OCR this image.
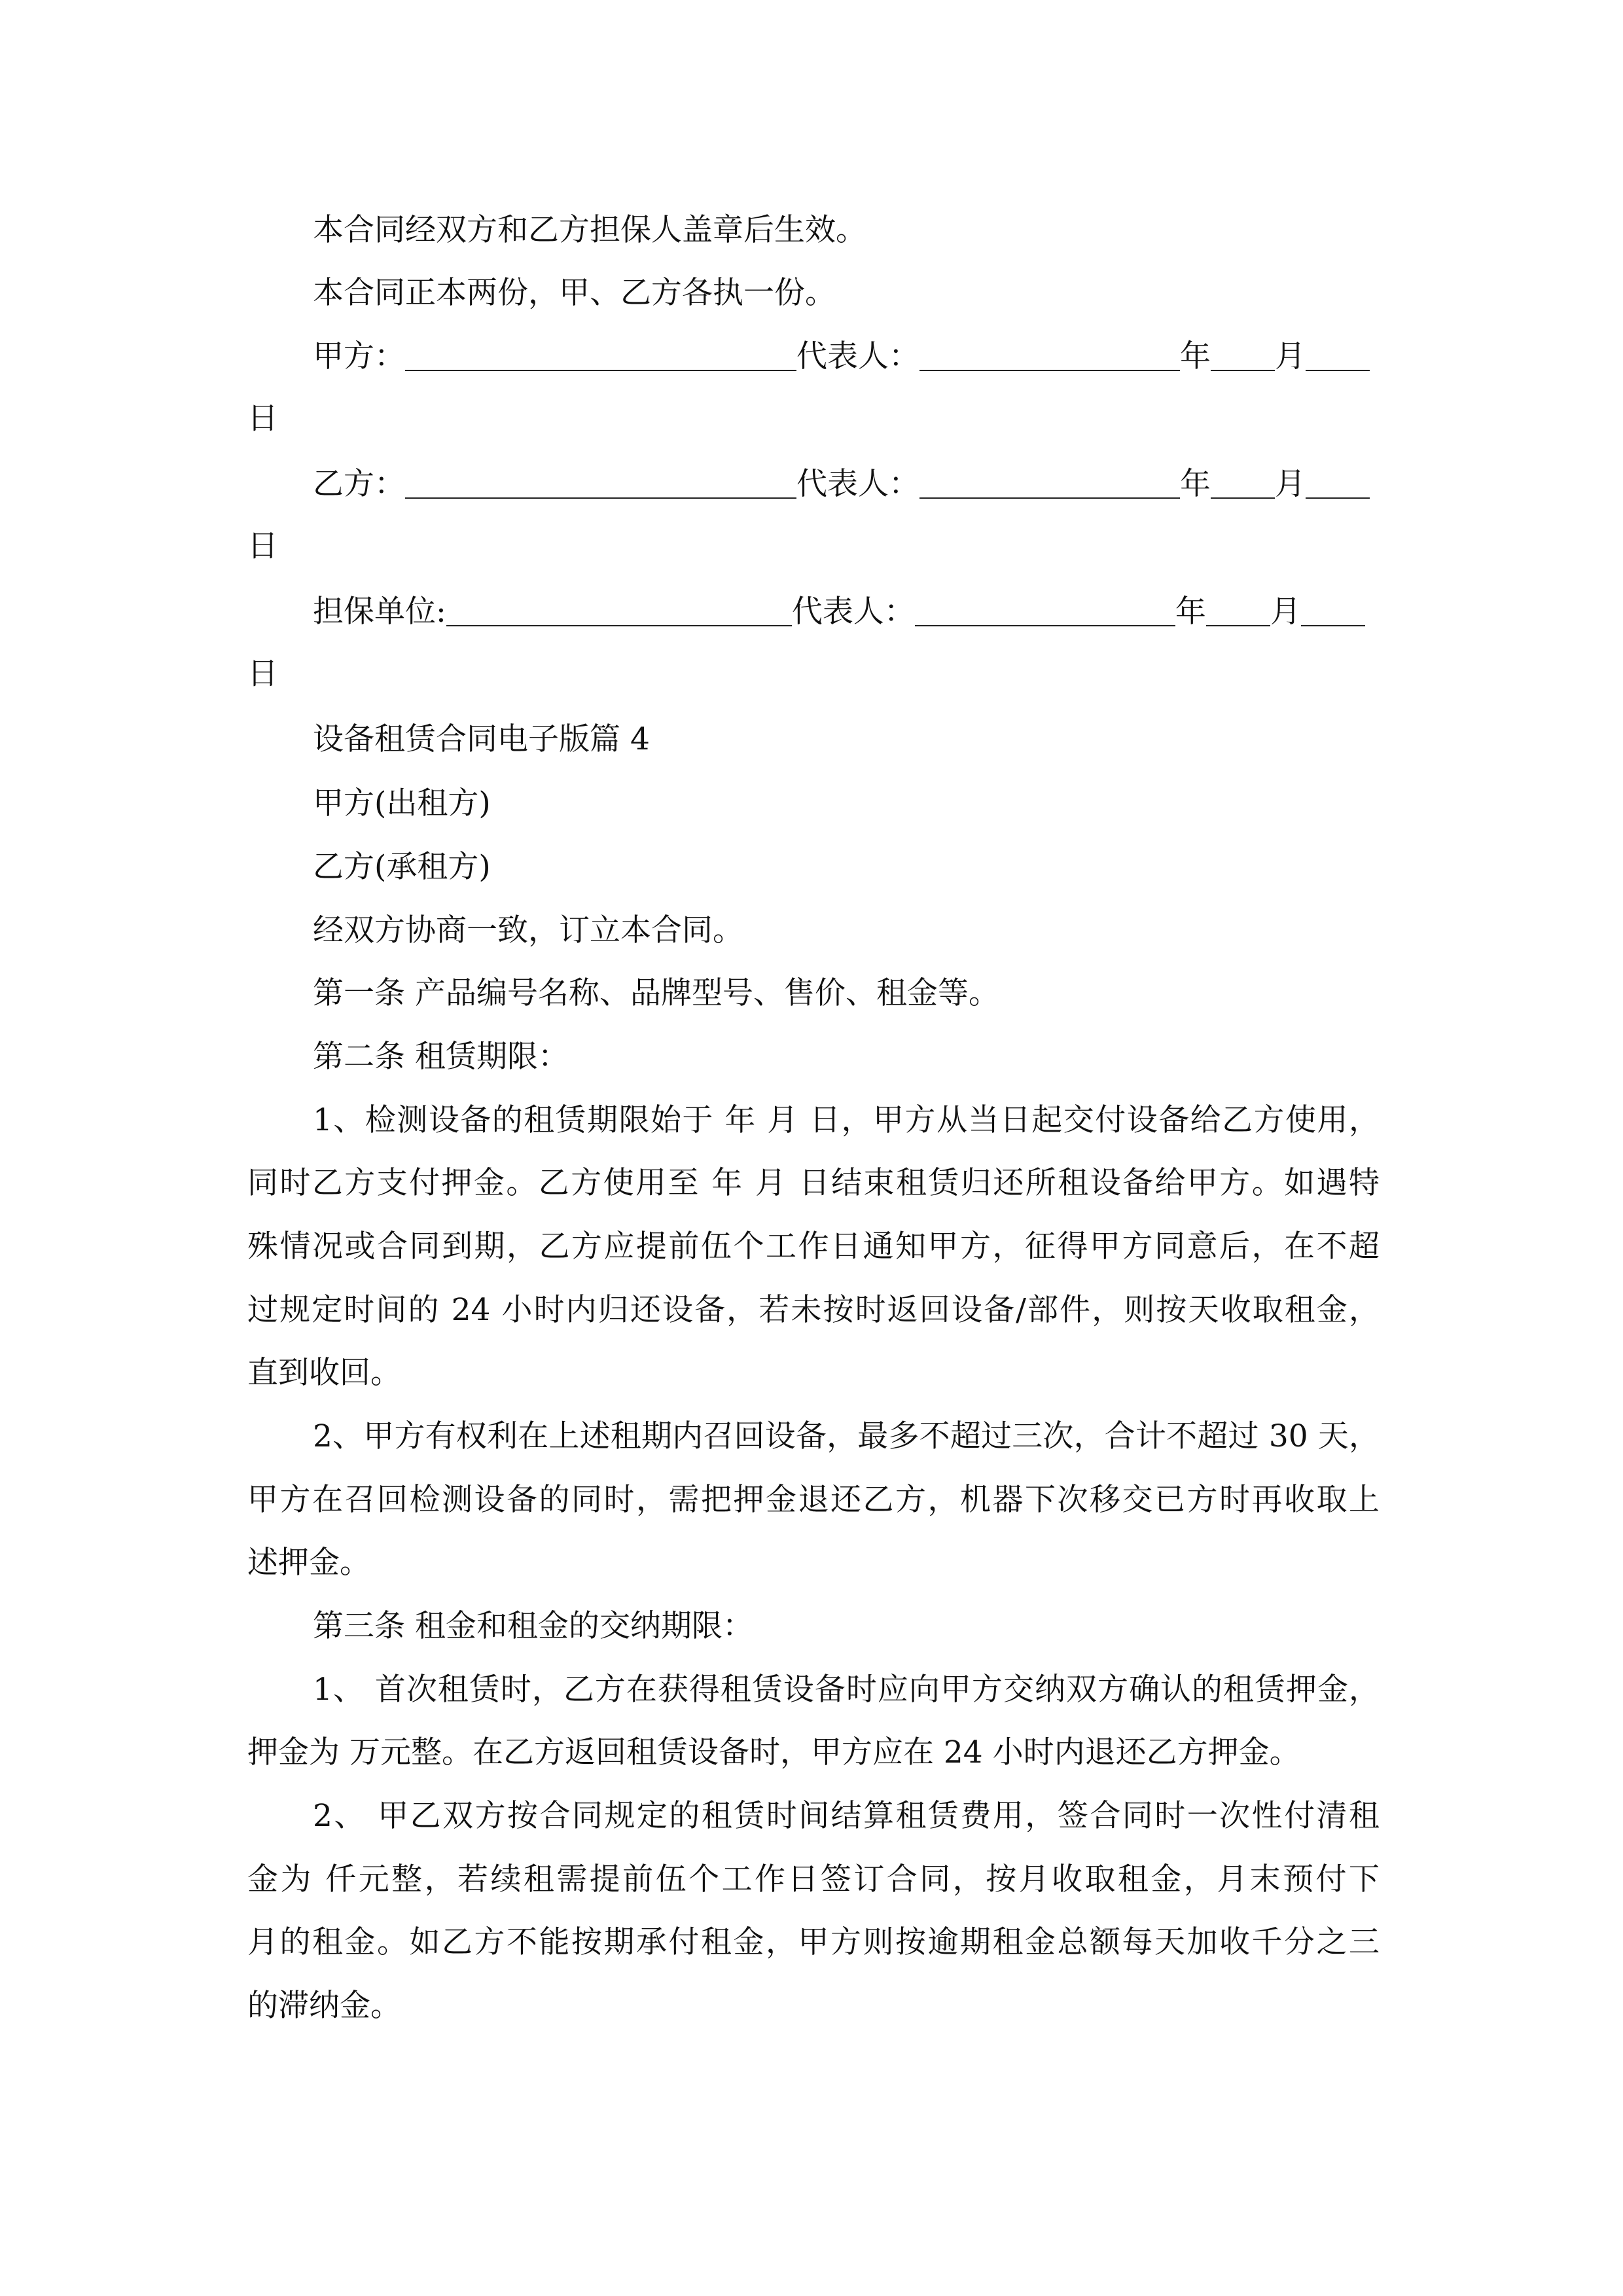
本合同经双方和乙方担保人盖章后生效。
本合同正本两份，甲、乙方各执一份。
甲方：	代表人：	年 月
日
乙方：	代表人：	年 月
日
担保单位:	代表人：	年 月
日
设备租赁合同电子版篇 4
甲方(出租方)
乙方(承租方)
经双方协商一致，订立本合同。
第一条 产品编号名称、品牌型号、售价、租金等。
第二条 租赁期限：
1、检测设备的租赁期限始于 年 月 日，甲方从当日起交付设备给乙方使用，
同时乙方支付押金。乙方使用至 年 月 日结束租赁归还所租设备给甲方。如遇特
殊情况或合同到期，乙方应提前伍个工作日通知甲方，征得甲方同意后，在不超
过规定时间的 24 小时内归还设备，若未按时返回设备/部件，则按天收取租金，
直到收回。
2、甲方有权利在上述租期内召回设备，最多不超过三次，合计不超过 30 天，
甲方在召回检测设备的同时，需把押金退还乙方，机器下次移交已方时再收取上
述押金。
第三条 租金和租金的交纳期限：
1、 首次租赁时，乙方在获得租赁设备时应向甲方交纳双方确认的租赁押金，
押金为 万元整。在乙方返回租赁设备时，甲方应在 24 小时内退还乙方押金。
2、 甲乙双方按合同规定的租赁时间结算租赁费用，签合同时一次性付清租
金为 仟元整，若续租需提前伍个工作日签订合同，按月收取租金，月末预付下
月的租金。如乙方不能按期承付租金，甲方则按逾期租金总额每天加收千分之三
的滞纳金。
